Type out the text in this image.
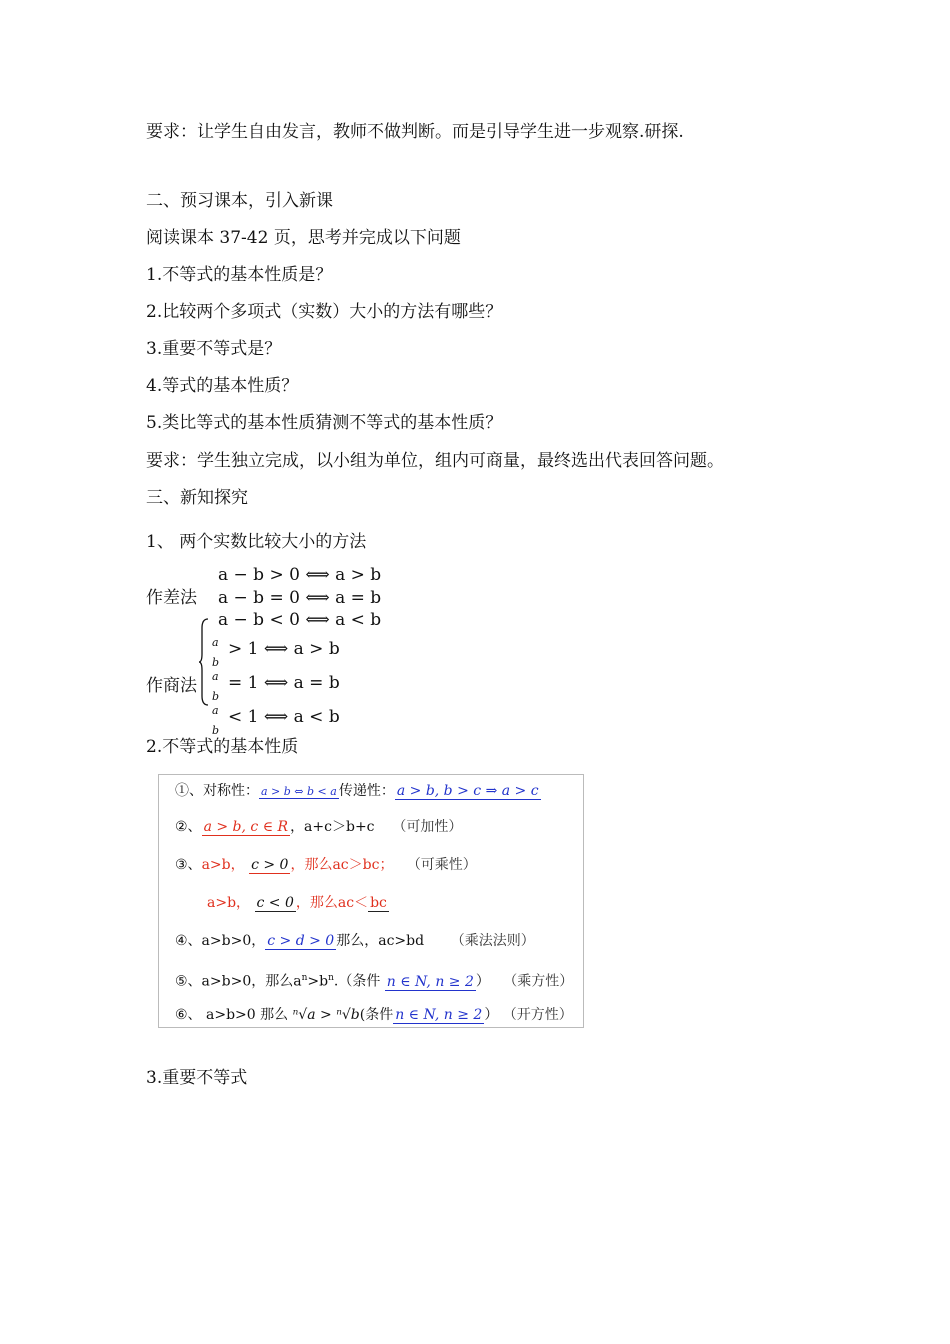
要求：让学生自由发言，教师不做判断。而是引导学生进一步观察.研探.
二、预习课本，引入新课
阅读课本 37-42 页，思考并完成以下问题
1.不等式的基本性质是？
2.比较两个多项式（实数）大小的方法有哪些？
3.重要不等式是？
4.等式的基本性质？
5.类比等式的基本性质猜测不等式的基本性质？
要求：学生独立完成，以小组为单位，组内可商量，最终选出代表回答问题。
三、新知探究
1、 两个实数比较大小的方法
a − b > 0 ⟺ a > b
作差法 a − b = 0 ⟺ a = b
a − b < 0 ⟺ a < b
作商法
a
b
> 1 ⟺ a > b
a
b
= 1 ⟺ a = b
a
b
< 1 ⟺ a < b
2.不等式的基本性质
①、对称性： a > b ⇔ b < a 传递性： a > b, b > c ⇒ a > c
②、 a > b, c ∈ R ，a+c＞b+c （可加性）
③、a>b， c > 0 ，那么ac＞bc； （可乘性）
a>b， c < 0 ，那么ac＜ bc
④、a>b>0， c > d > 0 那么，ac>bd （乘法法则）
⑤、a>b>0，那么$a^n>b^n$.（条件 n ∈ N, n ≥ 2 ） （乘方性）
⑥、 a>b>0 那么 ⁿ√a > ⁿ√b(条件 n ∈ N, n ≥ 2 ） （开方性）
3.重要不等式
